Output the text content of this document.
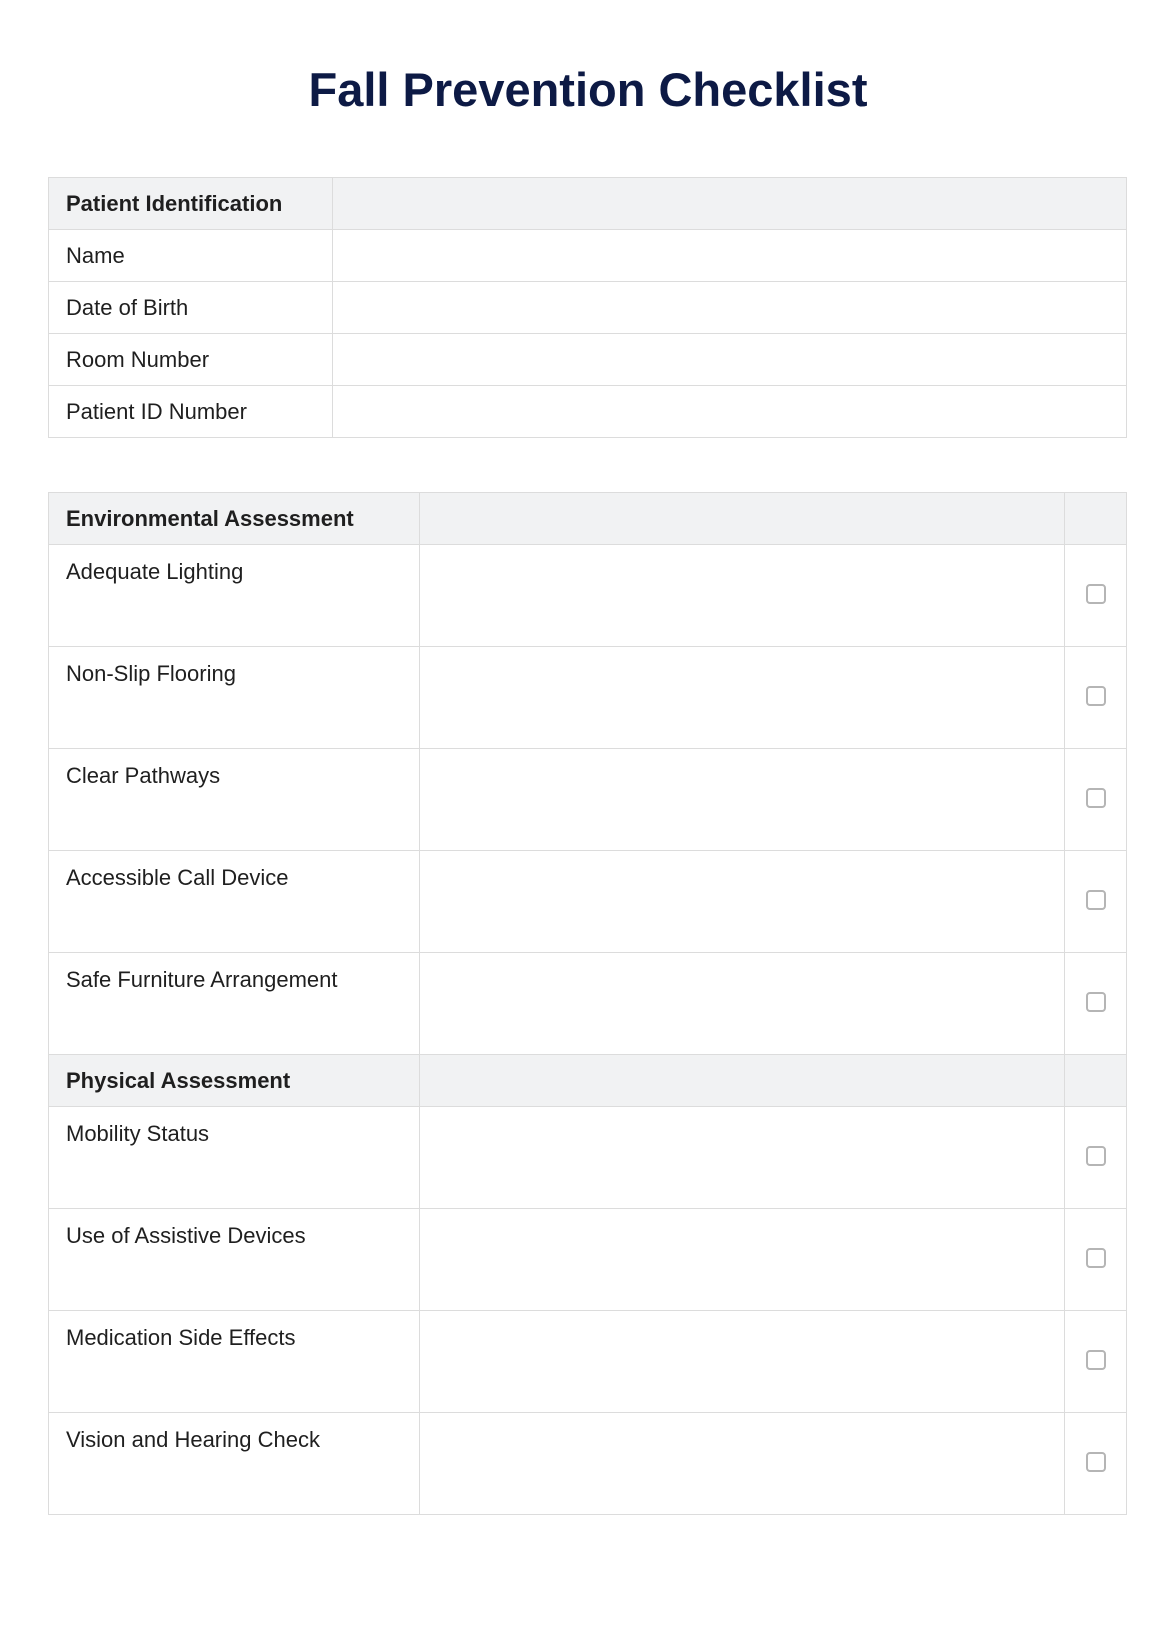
Fall Prevention Checklist
Patient Identification	
Name	
Date of Birth	
Room Number	
Patient ID Number	
Environmental Assessment		
Adequate Lighting		
Non-Slip Flooring		
Clear Pathways		
Accessible Call Device		
Safe Furniture Arrangement		
Physical Assessment		
Mobility Status		
Use of Assistive Devices		
Medication Side Effects		
Vision and Hearing Check		
